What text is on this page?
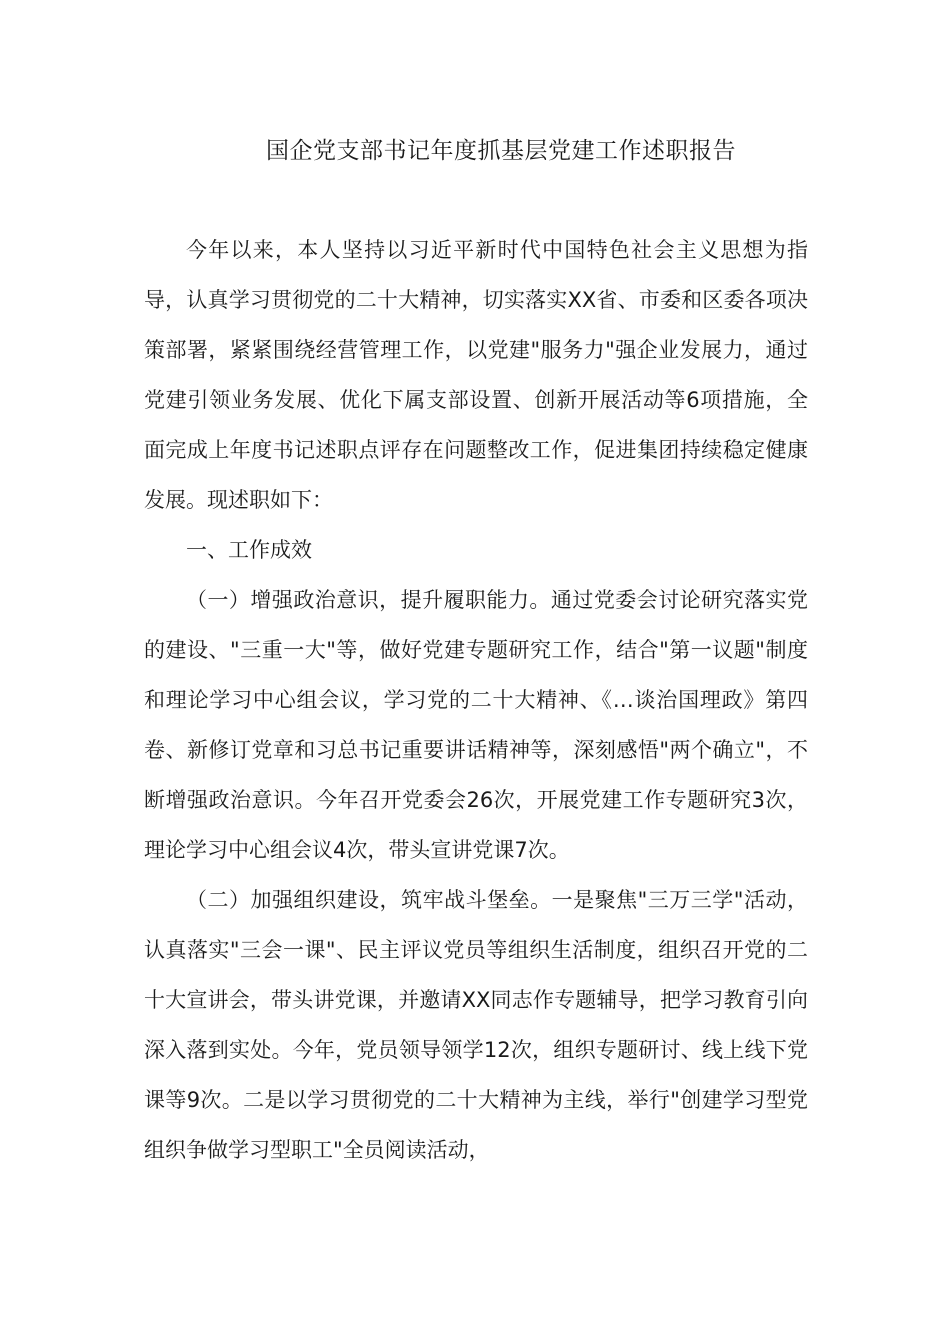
国企党支部书记年度抓基层党建工作述职报告

今年以来，本人坚持以习近平新时代中国特色社会主义思想为指导，认真学习贯彻党的二十大精神，切实落实XX省、市委和区委各项决策部署，紧紧围绕经营管理工作，以党建"服务力"强企业发展力，通过党建引领业务发展、优化下属支部设置、创新开展活动等6项措施，全面完成上年度书记述职点评存在问题整改工作，促进集团持续稳定健康发展。现述职如下：

一、工作成效

（一）增强政治意识，提升履职能力。通过党委会讨论研究落实党的建设、"三重一大"等，做好党建专题研究工作，结合"第一议题"制度和理论学习中心组会议，学习党的二十大精神、《…谈治国理政》第四卷、新修订党章和习总书记重要讲话精神等，深刻感悟"两个确立"，不断增强政治意识。今年召开党委会26次，开展党建工作专题研究3次，理论学习中心组会议4次，带头宣讲党课7次。

（二）加强组织建设，筑牢战斗堡垒。一是聚焦"三万三学"活动，认真落实"三会一课"、民主评议党员等组织生活制度，组织召开党的二十大宣讲会，带头讲党课，并邀请XX同志作专题辅导，把学习教育引向深入落到实处。今年，党员领导领学12次，组织专题研讨、线上线下党课等9次。二是以学习贯彻党的二十大精神为主线，举行"创建学习型党组织争做学习型职工"全员阅读活动，
